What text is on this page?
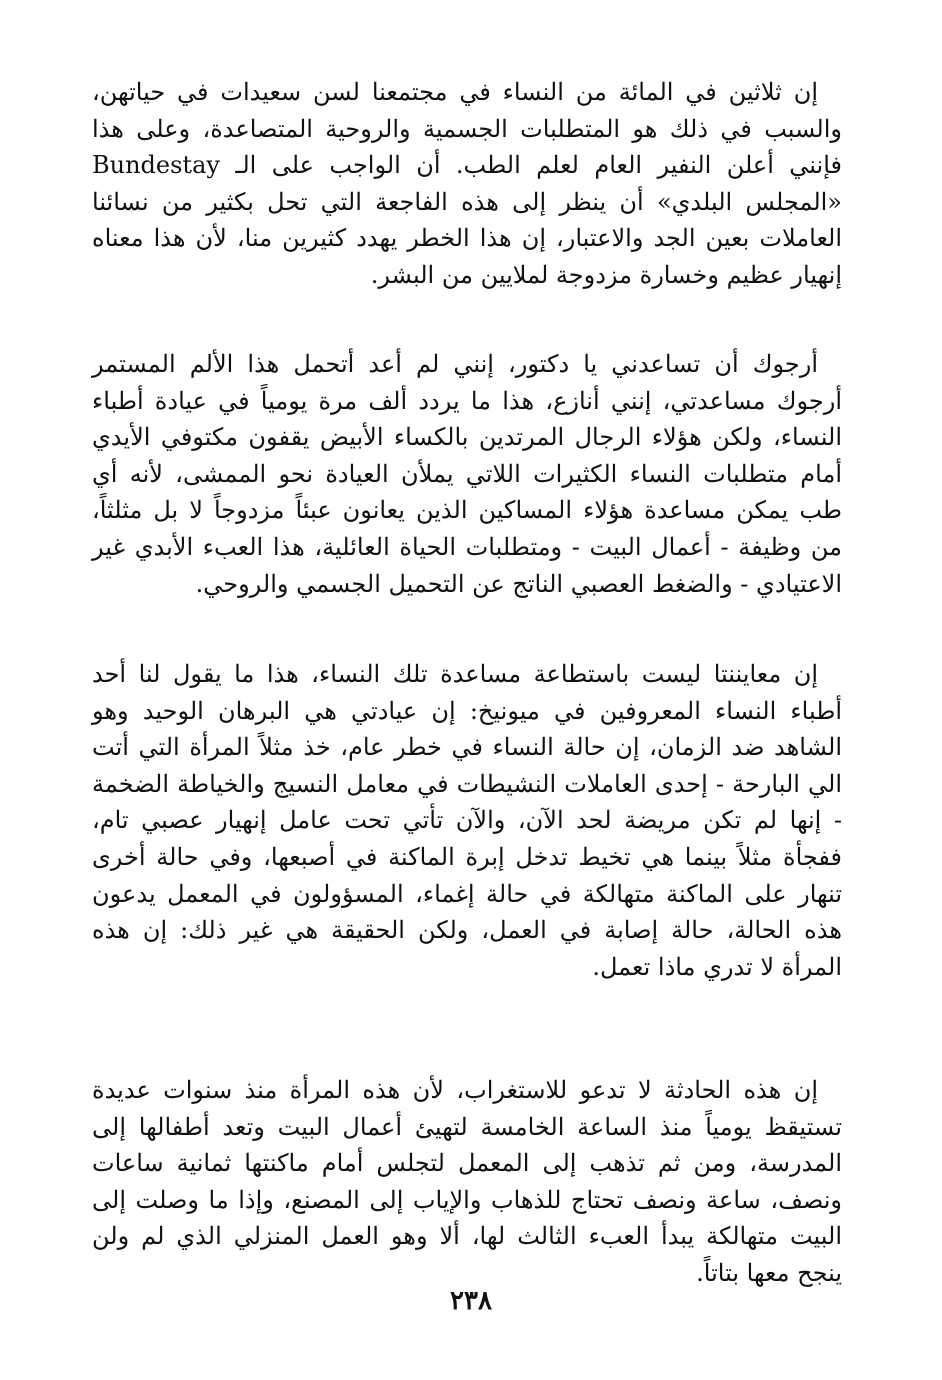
إن ثلاثين في المائة من النساء في مجتمعنا لسن سعيدات في حياتهن، والسبب في ذلك هو المتطلبات الجسمية والروحية المتصاعدة، وعلى هذا فإنني أعلن النفير العام لعلم الطب. أن الواجب على الـ Bundestay «المجلس البلدي» أن ينظر إلى هذه الفاجعة التي تحل بكثير من نسائنا العاملات بعين الجد والاعتبار، إن هذا الخطر يهدد كثيرين منا، لأن هذا معناه إنهيار عظيم وخسارة مزدوجة لملايين من البشر.

أرجوك أن تساعدني يا دكتور، إنني لم أعد أتحمل هذا الألم المستمر أرجوك مساعدتي، إنني أنازع، هذا ما يردد ألف مرة يومياً في عيادة أطباء النساء، ولكن هؤلاء الرجال المرتدين بالكساء الأبيض يقفون مكتوفي الأيدي أمام متطلبات النساء الكثيرات اللاتي يملأن العيادة نحو الممشى، لأنه أي طب يمكن مساعدة هؤلاء المساكين الذين يعانون عبئاً مزدوجاً لا بل مثلثاً، من وظيفة - أعمال البيت - ومتطلبات الحياة العائلية، هذا العبء الأبدي غير الاعتيادي - والضغط العصبي الناتج عن التحميل الجسمي والروحي.

إن معايننتا ليست باستطاعة مساعدة تلك النساء، هذا ما يقول لنا أحد أطباء النساء المعروفين في ميونيخ: إن عيادتي هي البرهان الوحيد وهو الشاهد ضد الزمان، إن حالة النساء في خطر عام، خذ مثلاً المرأة التي أتت الي البارحة - إحدى العاملات النشيطات في معامل النسيج والخياطة الضخمة - إنها لم تكن مريضة لحد الآن، والآن تأتي تحت عامل إنهيار عصبي تام، ففجأة مثلاً بينما هي تخيط تدخل إبرة الماكنة في أصبعها، وفي حالة أخرى تنهار على الماكنة متهالكة في حالة إغماء، المسؤولون في المعمل يدعون هذه الحالة، حالة إصابة في العمل، ولكن الحقيقة هي غير ذلك: إن هذه المرأة لا تدري ماذا تعمل.

إن هذه الحادثة لا تدعو للاستغراب، لأن هذه المرأة منذ سنوات عديدة تستيقظ يومياً منذ الساعة الخامسة لتهيئ أعمال البيت وتعد أطفالها إلى المدرسة، ومن ثم تذهب إلى المعمل لتجلس أمام ماكنتها ثمانية ساعات ونصف، ساعة ونصف تحتاج للذهاب والإياب إلى المصنع، وإذا ما وصلت إلى البيت متهالكة يبدأ العبء الثالث لها، ألا وهو العمل المنزلي الذي لم ولن ينجح معها بتاتاً.

٢٣٨
